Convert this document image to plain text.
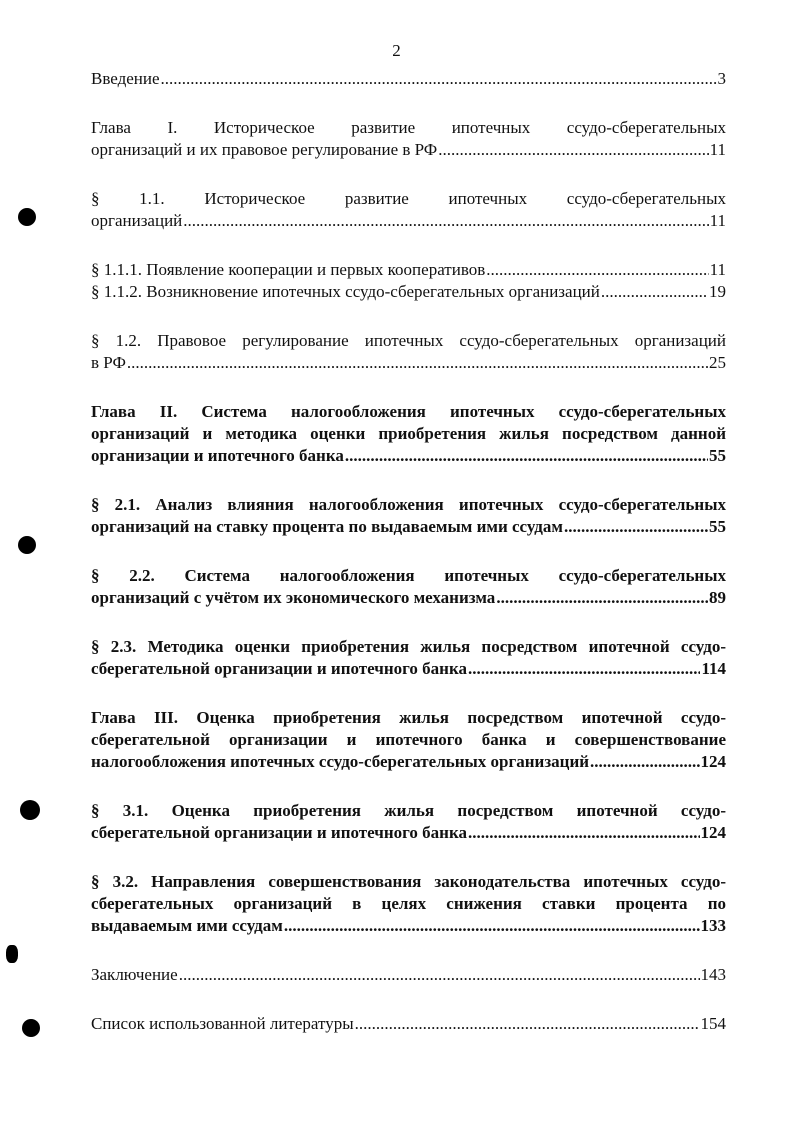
2
Введение .....	3
Глава I. Историческое развитие ипотечных ссудо-сберегательных
организаций и их правовое регулирование в РФ .....	11
§ 1.1. Историческое развитие ипотечных ссудо-сберегательных
организаций .....	11
§ 1.1.1. Появление кооперации и первых кооперативов .....	11
§ 1.1.2. Возникновение ипотечных ссудо-сберегательных организаций .....	19
§ 1.2. Правовое регулирование ипотечных ссудо-сберегательных организаций
в РФ .....	25
Глава II. Система налогообложения ипотечных ссудо-сберегательных
организаций и методика оценки приобретения жилья посредством данной
организации и ипотечного банка .....	55
§ 2.1. Анализ влияния налогообложения ипотечных ссудо-сберегательных
организаций на ставку процента по выдаваемым ими ссудам .....	55
§ 2.2. Система налогообложения ипотечных ссудо-сберегательных
организаций с учётом их экономического механизма .....	89
§ 2.3. Методика оценки приобретения жилья посредством ипотечной ссудо-
сберегательной организации и ипотечного банка .....	114
Глава III. Оценка приобретения жилья посредством ипотечной ссудо-
сберегательной организации и ипотечного банка и совершенствование
налогообложения ипотечных ссудо-сберегательных организаций .....	124
§ 3.1. Оценка приобретения жилья посредством ипотечной ссудо-
сберегательной организации и ипотечного банка .....	124
§ 3.2. Направления совершенствования законодательства ипотечных ссудо-
сберегательных организаций в целях снижения ставки процента по
выдаваемым ими ссудам .....	133
Заключение .....	143
Список использованной литературы .....	154
